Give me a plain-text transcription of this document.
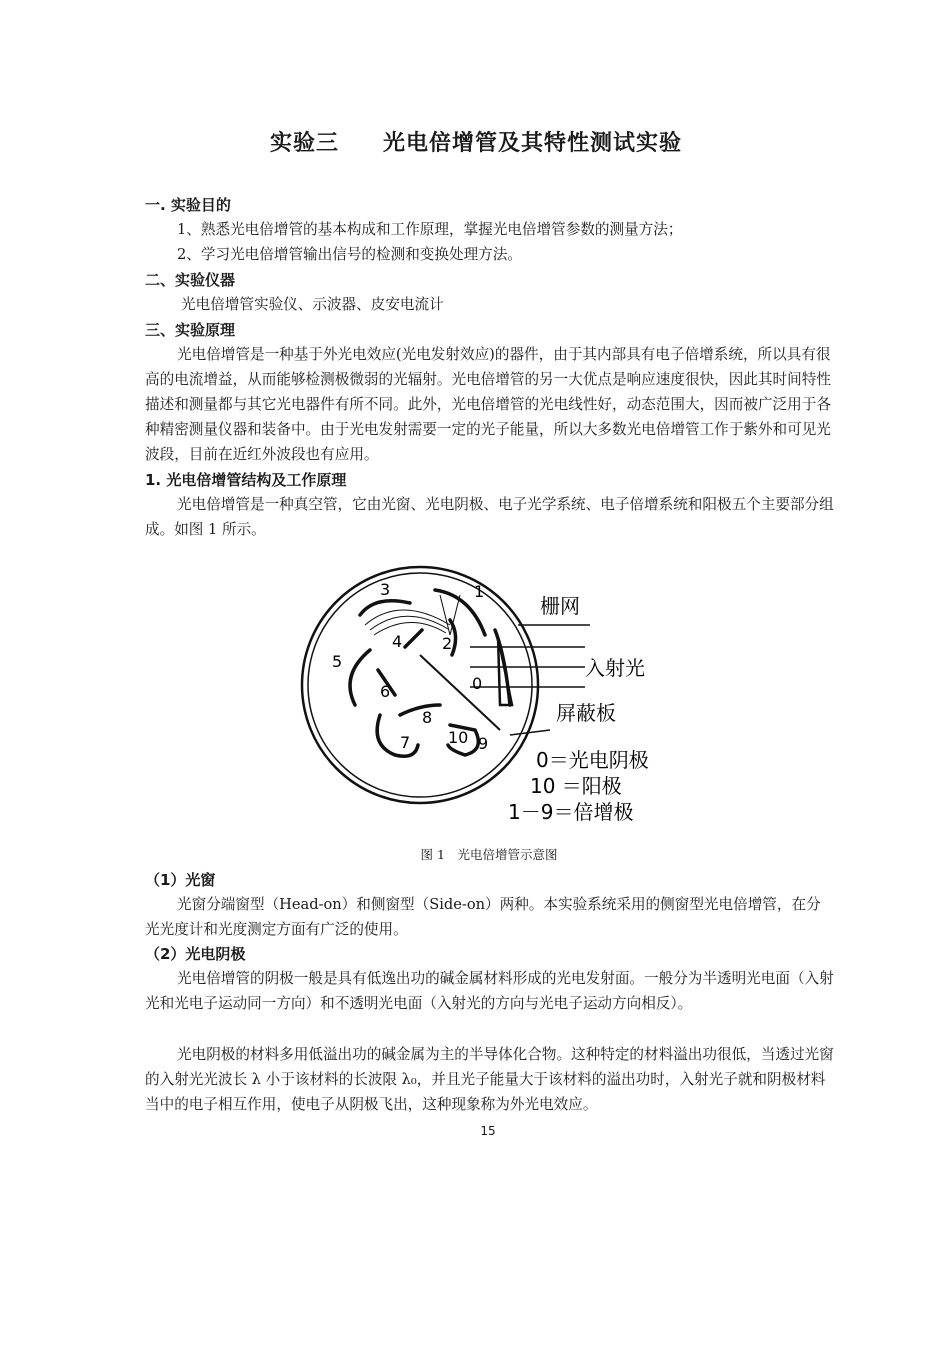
实验三 光电倍增管及其特性测试实验
一. 实验目的
1、熟悉光电倍增管的基本构成和工作原理，掌握光电倍增管参数的测量方法；
2、学习光电倍增管输出信号的检测和变换处理方法。
二、实验仪器
光电倍增管实验仪、示波器、皮安电流计
三、实验原理
光电倍增管是一种基于外光电效应(光电发射效应)的器件，由于其内部具有电子倍增系统，所以具有很高的电流增益，从而能够检测极微弱的光辐射。光电倍增管的另一大优点是响应速度很快，因此其时间特性描述和测量都与其它光电器件有所不同。此外，光电倍增管的光电线性好，动态范围大，因而被广泛用于各种精密测量仪器和装备中。由于光电发射需要一定的光子能量，所以大多数光电倍增管工作于紫外和可见光波段，目前在近红外波段也有应用。
1. 光电倍增管结构及工作原理
光电倍增管是一种真空管，它由光窗、光电阴极、电子光学系统、电子倍增系统和阳极五个主要部分组成。如图 1 所示。
3	1
4 2
5
6	0
8
7 10 9
栅网
入射光
屏蔽板
0＝光电阴极
10 ＝阳极
1－9＝倍增极
图 1　光电倍增管示意图
（1）光窗
光窗分端窗型（Head-on）和侧窗型（Side-on）两种。本实验系统采用的侧窗型光电倍增管，在分光光度计和光度测定方面有广泛的使用。
（2）光电阴极
光电倍增管的阴极一般是具有低逸出功的碱金属材料形成的光电发射面。一般分为半透明光电面（入射光和光电子运动同一方向）和不透明光电面（入射光的方向与光电子运动方向相反）。
光电阴极的材料多用低溢出功的碱金属为主的半导体化合物。这种特定的材料溢出功很低，当透过光窗的入射光光波长 λ 小于该材料的长波限 λ₀，并且光子能量大于该材料的溢出功时，入射光子就和阴极材料当中的电子相互作用，使电子从阴极飞出，这种现象称为外光电效应。
15
